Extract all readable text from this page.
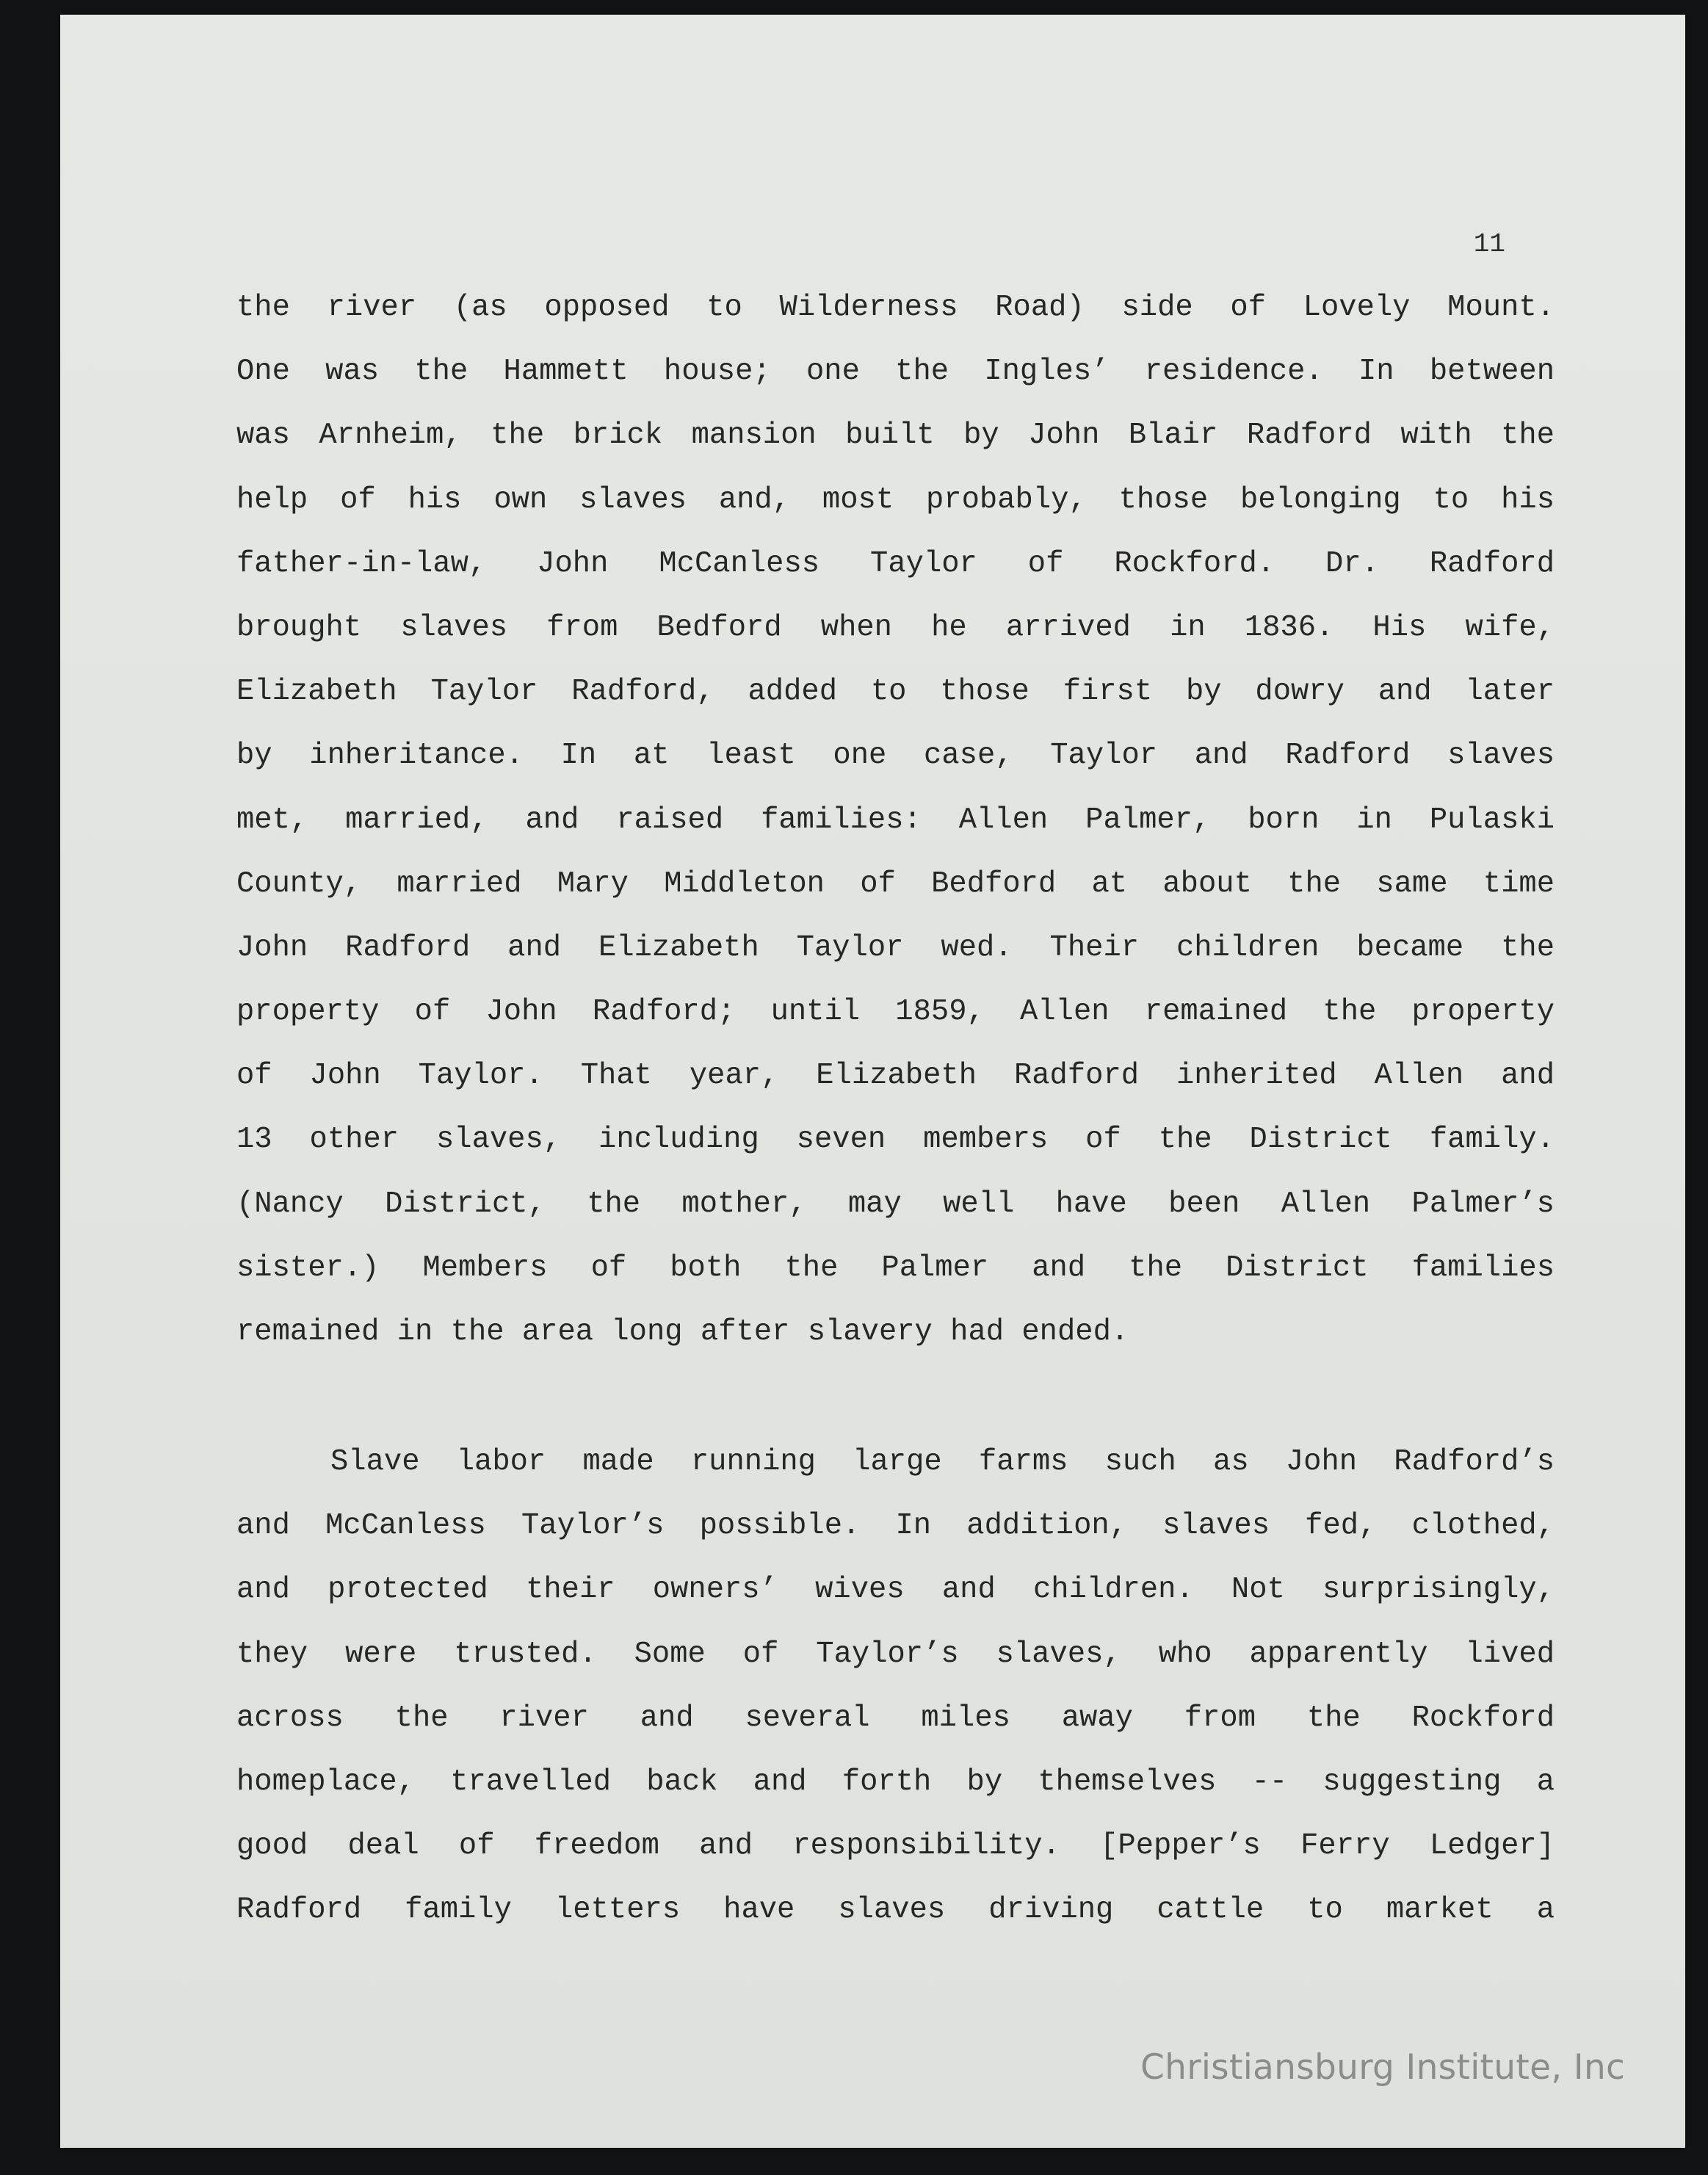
11
the river (as opposed to Wilderness Road) side of Lovely Mount.
One was the Hammett house; one the Ingles’ residence. In between
was Arnheim, the brick mansion built by John Blair Radford with the
help of his own slaves and, most probably, those belonging to his
father-in-law, John McCanless Taylor of Rockford. Dr. Radford
brought slaves from Bedford when he arrived in 1836. His wife,
Elizabeth Taylor Radford, added to those first by dowry and later
by inheritance. In at least one case, Taylor and Radford slaves
met, married, and raised families: Allen Palmer, born in Pulaski
County, married Mary Middleton of Bedford at about the same time
John Radford and Elizabeth Taylor wed. Their children became the
property of John Radford; until 1859, Allen remained the property
of John Taylor. That year, Elizabeth Radford inherited Allen and
13 other slaves, including seven members of the District family.
(Nancy District, the mother, may well have been Allen Palmer’s
sister.) Members of both the Palmer and the District families
remained in the area long after slavery had ended.
Slave labor made running large farms such as John Radford’s
and McCanless Taylor’s possible. In addition, slaves fed, clothed,
and protected their owners’ wives and children. Not surprisingly,
they were trusted. Some of Taylor’s slaves, who apparently lived
across the river and several miles away from the Rockford
homeplace, travelled back and forth by themselves -- suggesting a
good deal of freedom and responsibility. [Pepper’s Ferry Ledger]
Radford family letters have slaves driving cattle to market a
Christiansburg Institute, Inc
